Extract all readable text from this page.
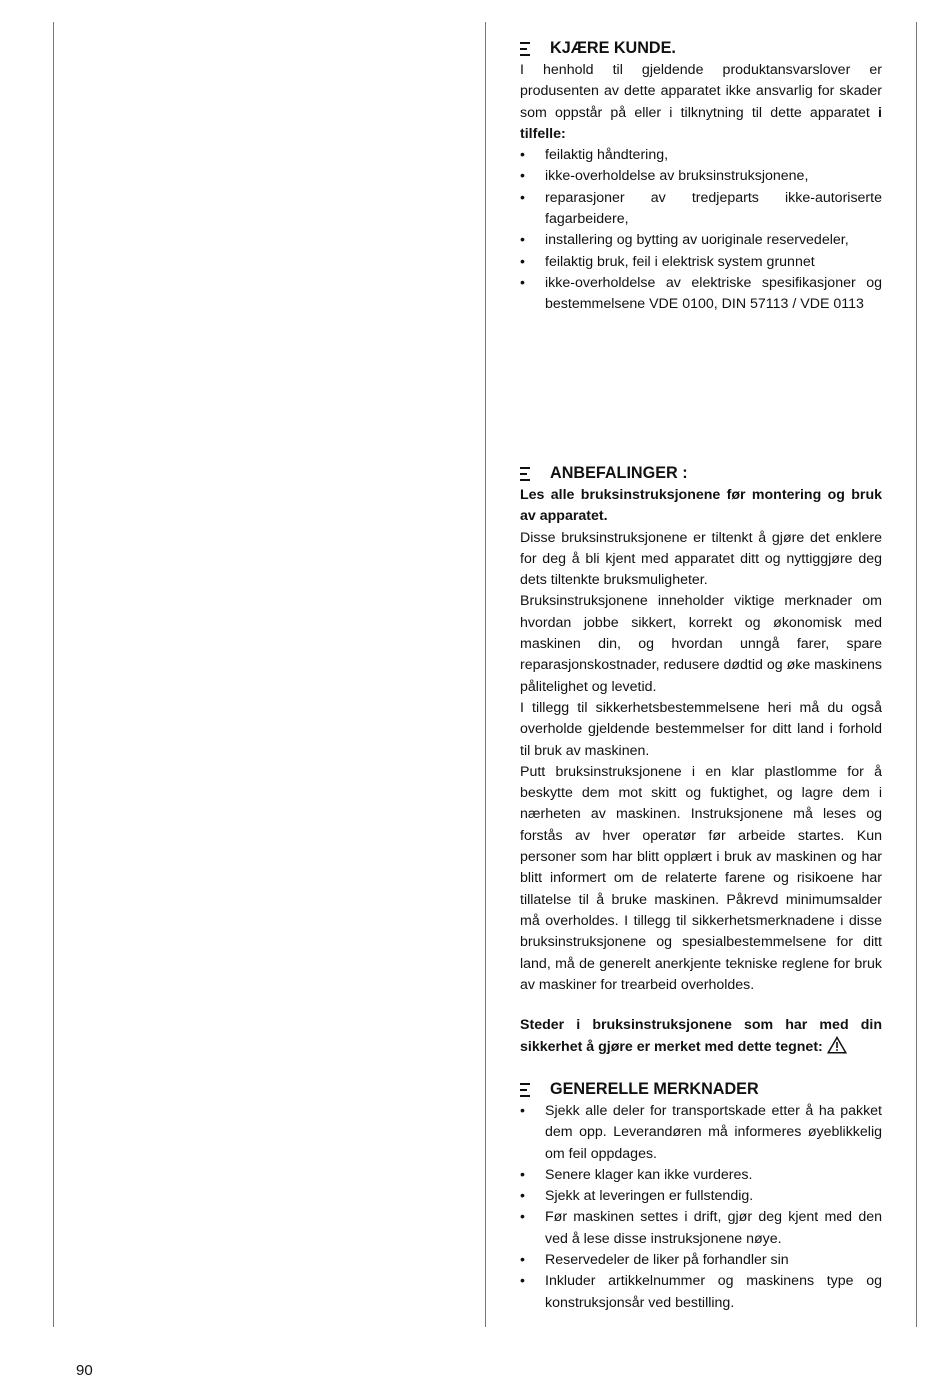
KJÆRE KUNDE.

I henhold til gjeldende produktansvarslover er produsenten av dette apparatet ikke ansvarlig for skader som oppstår på eller i tilknytning til dette apparatet i tilfelle:

• feilaktig håndtering,
• ikke-overholdelse av bruksinstruksjonene,
• reparasjoner av tredjeparts ikke-autoriserte fagarbeidere,
• installering og bytting av uoriginale reservedeler,
• feilaktig bruk, feil i elektrisk system grunnet
• ikke-overholdelse av elektriske spesifikasjoner og bestemmelsene VDE 0100, DIN 57113 / VDE 0113
ANBEFALINGER :

Les alle bruksinstruksjonene før montering og bruk av apparatet.

Disse bruksinstruksjonene er tiltenkt å gjøre det enklere for deg å bli kjent med apparatet ditt og nyttiggjøre deg dets tiltenkte bruksmuligheter.

Bruksinstruksjonene inneholder viktige merknader om hvordan jobbe sikkert, korrekt og økonomisk med maskinen din, og hvordan unngå farer, spare reparasjonskostnader, redusere dødtid og øke maskinens pålitelighet og levetid.

I tillegg til sikkerhetsbestemmelsene heri må du også overholde gjeldende bestemmelser for ditt land i forhold til bruk av maskinen.

Putt bruksinstruksjonene i en klar plastlomme for å beskytte dem mot skitt og fuktighet, og lagre dem i nærheten av maskinen. Instruksjonene må leses og forstås av hver operatør før arbeide startes. Kun personer som har blitt opplært i bruk av maskinen og har blitt informert om de relaterte farene og risikoene har tillatelse til å bruke maskinen. Påkrevd minimumsalder må overholdes. I tillegg til sikkerhetsmerknadene i disse bruksinstruksjonene og spesialbestemmelsene for ditt land, må de generelt anerkjente tekniske reglene for bruk av maskiner for trearbeid overholdes.

Steder i bruksinstruksjonene som har med din

sikkerhet å gjøre er merket med dette tegnet:

GENERELLE MERKNADER
• Sjekk alle deler for transportskade etter å ha pakket dem opp. Leverandøren må informeres øyeblikkelig om feil oppdages.
• Senere klager kan ikke vurderes.
• Sjekk at leveringen er fullstendig.
• Før maskinen settes i drift, gjør deg kjent med den ved å lese disse instruksjonene nøye.
• Reservedeler de liker på forhandler sin
• Inkluder artikkelnummer og maskinens type og konstruksjonsår ved bestilling.
90
